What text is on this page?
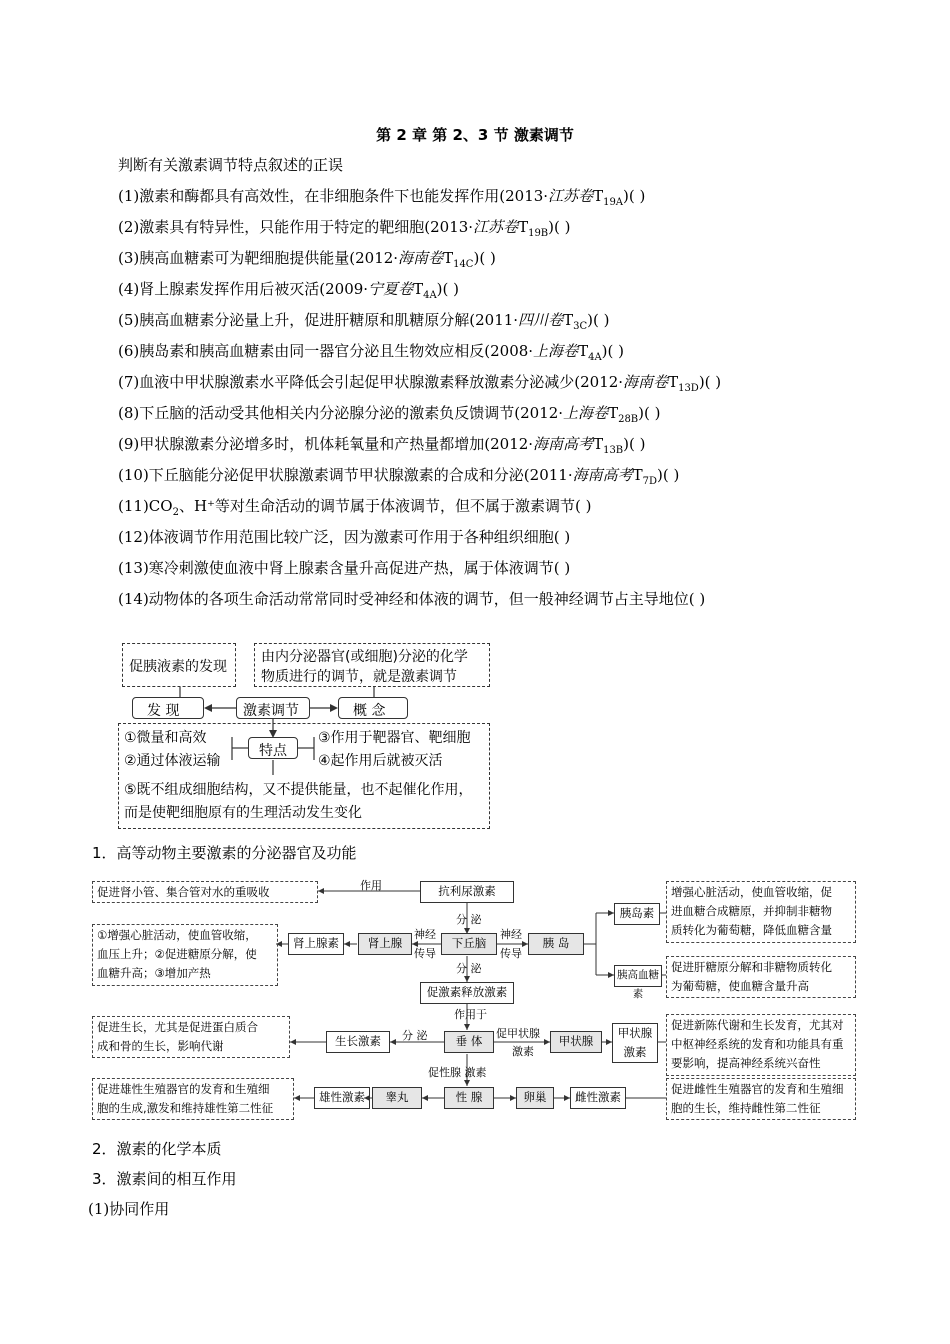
第 2 章 第 2、3 节 激素调节
判断有关激素调节特点叙述的正误
(1)激素和酶都具有高效性，在非细胞条件下也能发挥作用(2013·江苏卷$T_{19A}$)( )
(2)激素具有特异性，只能作用于特定的靶细胞(2013·江苏卷$T_{19B}$)( )
(3)胰高血糖素可为靶细胞提供能量(2012·海南卷$T_{14C}$)( )
(4)肾上腺素发挥作用后被灭活(2009·宁夏卷$T_{4A}$)( )
(5)胰高血糖素分泌量上升，促进肝糖原和肌糖原分解(2011·四川卷$T_{3C}$)( )
(6)胰岛素和胰高血糖素由同一器官分泌且生物效应相反(2008·上海卷$T_{4A}$)( )
(7)血液中甲状腺激素水平降低会引起促甲状腺激素释放激素分泌减少(2012·海南卷$T_{13D}$)( )
(8)下丘脑的活动受其他相关内分泌腺分泌的激素负反馈调节(2012·上海卷$T_{28B}$)( )
(9)甲状腺激素分泌增多时，机体耗氧量和产热量都增加(2012·海南高考$T_{13B}$)( )
(10)下丘脑能分泌促甲状腺激素调节甲状腺激素的合成和分泌(2011·海南高考$T_{7D}$)( )
$(11)CO_2$、H⁺等对生命活动的调节属于体液调节，但不属于激素调节( )
(12)体液调节作用范围比较广泛，因为激素可作用于各种组织细胞( )
(13)寒冷刺激使血液中肾上腺素含量升高促进产热，属于体液调节( )
(14)动物体的各项生命活动常常同时受神经和体液的调节，但一般神经调节占主导地位( )
促胰液素的发现
由内分泌器官(或细胞)分泌的化学
物质进行的调节，就是激素调节
发 现	激素调节	概 念
特点
①微量和高效
②通过体液运输
③作用于靶器官、靶细胞
④起作用后就被灭活
⑤既不组成细胞结构，又不提供能量，也不起催化作用，
而是使靶细胞原有的生理活动发生变化
1．高等动物主要激素的分泌器官及功能
促进肾小管、集合管对水的重吸收	作用	抗利尿激素
分 泌
①增强心脏活动，使血管收缩，
血压上升；②促进糖原分解，使
血糖升高；③增加产热
肾上腺素	肾上腺
神经
传导
下丘脑
神经
传导
胰 岛
胰岛素
胰高血糖素
增强心脏活动，使血管收缩，促
进血糖合成糖原，并抑制非糖物
质转化为葡萄糖，降低血糖含量
促进肝糖原分解和非糖物质转化
为葡萄糖，使血糖含量升高
分 泌
促激素释放激素
作用于
促进生长，尤其是促进蛋白质合
成和骨的生长，影响代谢	生长激素	分 泌	垂 体
促甲状腺
激素
甲状腺
甲状腺
激素
促进新陈代谢和生长发育，尤其对
中枢神经系统的发育和功能具有重
要影响，提高神经系统兴奋性
促性腺 激素
促进雄性生殖器官的发育和生殖细
胞的生成,激发和维持雄性第二性征
雄性激素	睾丸	性 腺	卵巢	雌性激素
促进雌性生殖器官的发育和生殖细
胞的生长，维持雌性第二性征
2．激素的化学本质
3．激素间的相互作用
(1)协同作用
